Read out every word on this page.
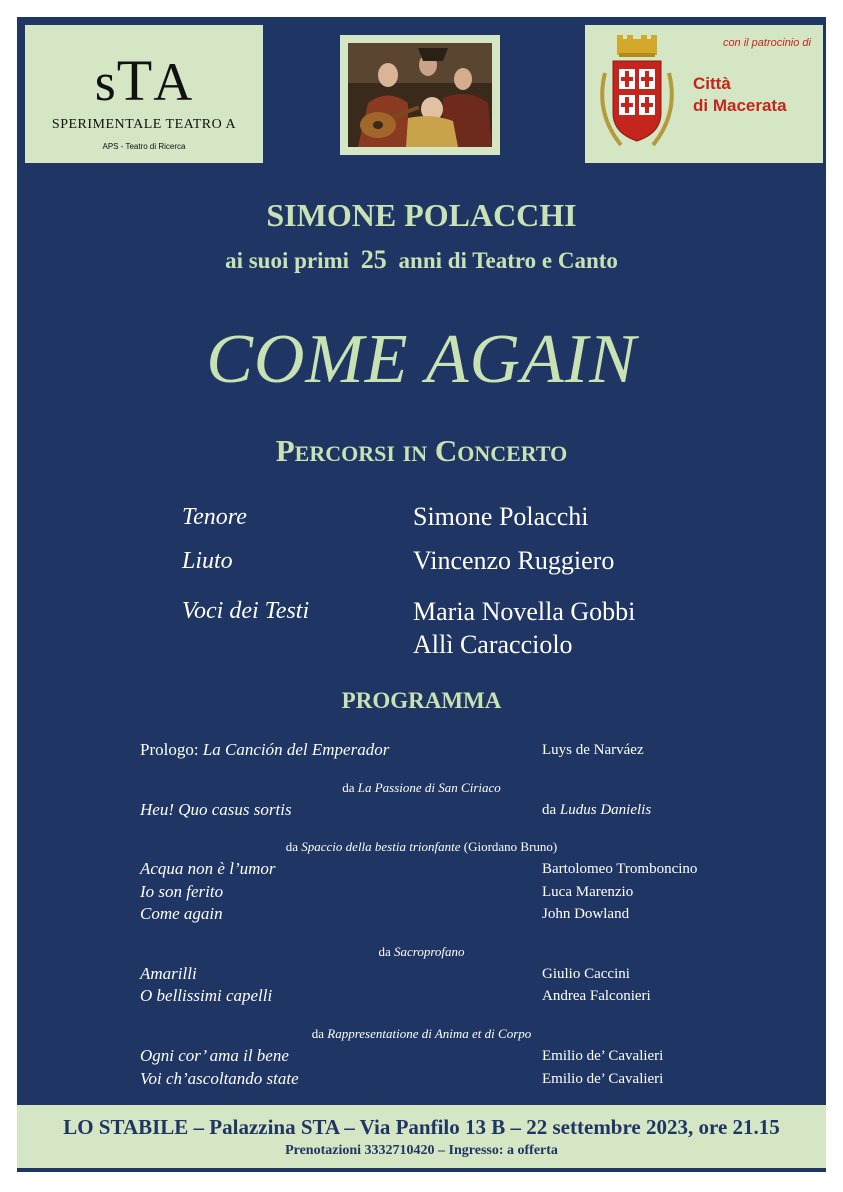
sTA
SPERIMENTALE TEATRO A
APS - Teatro di Ricerca
con il patrocinio di
Città
di Macerata
SIMONE POLACCHI
ai suoi primi 25 anni di Teatro e Canto
COME AGAIN
Percorsi in Concerto
Tenore	Simone Polacchi
Liuto	Vincenzo Ruggiero
Voci dei Testi	Maria Novella Gobbi
Allì Caracciolo
PROGRAMMA
Prologo: La Canción del Emperador	Luys de Narváez
da La Passione di San Ciriaco
Heu! Quo casus sortis	da Ludus Danielis
da Spaccio della bestia trionfante (Giordano Bruno)
Acqua non è l’umor	Bartolomeo Tromboncino
Io son ferito	Luca Marenzio
Come again	John Dowland
da Sacroprofano
Amarilli	Giulio Caccini
O bellissimi capelli	Andrea Falconieri
da Rappresentatione di Anima et di Corpo
Ogni cor’ ama il bene	Emilio de’ Cavalieri
Voi ch’ascoltando state	Emilio de’ Cavalieri
LO STABILE – Palazzina STA – Via Panfilo 13 B – 22 settembre 2023, ore 21.15
Prenotazioni 3332710420 – Ingresso: a offerta
